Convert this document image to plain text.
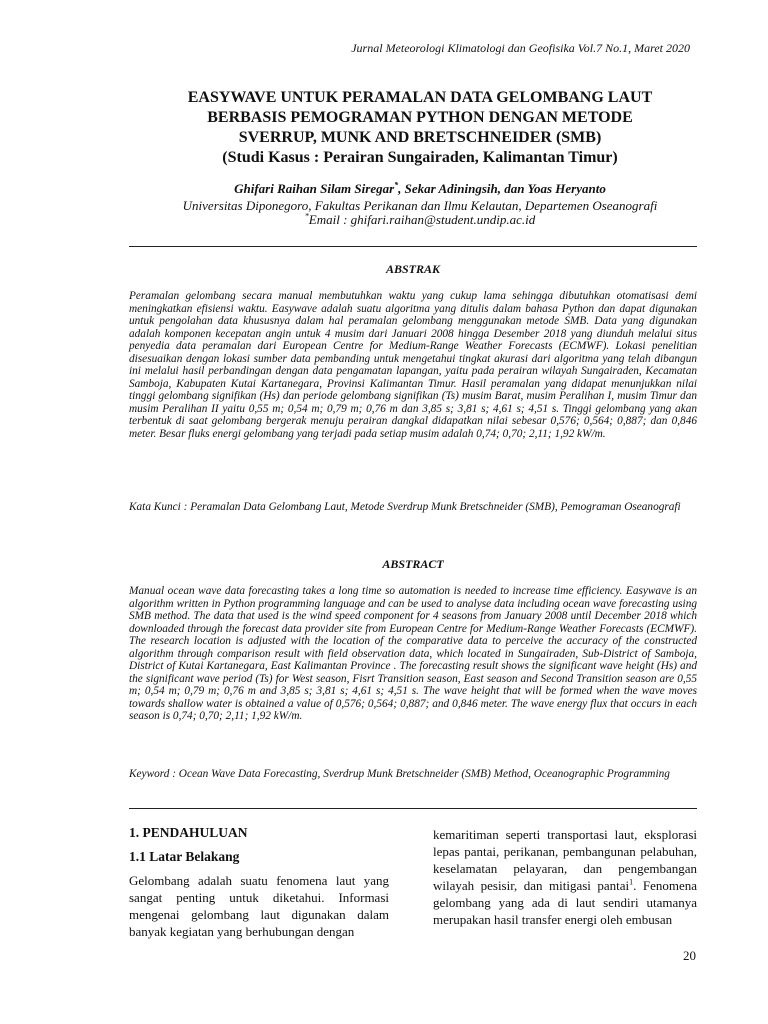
Jurnal Meteorologi Klimatologi dan Geofisika Vol.7 No.1, Maret 2020
EASYWAVE UNTUK PERAMALAN DATA GELOMBANG LAUT
BERBASIS PEMOGRAMAN PYTHON DENGAN METODE
SVERRUP, MUNK AND BRETSCHNEIDER (SMB)
(Studi Kasus : Perairan Sungairaden, Kalimantan Timur)
Ghifari Raihan Silam Siregar*, Sekar Adiningsih, dan Yoas Heryanto
Universitas Diponegoro, Fakultas Perikanan dan Ilmu Kelautan, Departemen Oseanografi
*Email : ghifari.raihan@student.undip.ac.id
ABSTRAK
Peramalan gelombang secara manual membutuhkan waktu yang cukup lama sehingga dibutuhkan otomatisasi demi meningkatkan efisiensi waktu. Easywave adalah suatu algoritma yang ditulis dalam bahasa Python dan dapat digunakan untuk pengolahan data khususnya dalam hal peramalan gelombang menggunakan metode SMB. Data yang digunakan adalah komponen kecepatan angin untuk 4 musim dari Januari 2008 hingga Desember 2018 yang diunduh melalui situs penyedia data peramalan dari European Centre for Medium-Range Weather Forecasts (ECMWF). Lokasi penelitian disesuaikan dengan lokasi sumber data pembanding untuk mengetahui tingkat akurasi dari algoritma yang telah dibangun ini melalui hasil perbandingan dengan data pengamatan lapangan, yaitu pada perairan wilayah Sungairaden, Kecamatan Samboja, Kabupaten Kutai Kartanegara, Provinsi Kalimantan Timur. Hasil peramalan yang didapat menunjukkan nilai tinggi gelombang signifikan (Hs) dan periode gelombang signifikan (Ts) musim Barat, musim Peralihan I, musim Timur dan musim Peralihan II yaitu 0,55 m; 0,54 m; 0,79 m; 0,76 m dan 3,85 s; 3,81 s; 4,61 s; 4,51 s. Tinggi gelombang yang akan terbentuk di saat gelombang bergerak menuju perairan dangkal didapatkan nilai sebesar 0,576; 0,564; 0,887; dan 0,846 meter. Besar fluks energi gelombang yang terjadi pada setiap musim adalah 0,74; 0,70; 2,11; 1,92 kW/m.
Kata Kunci : Peramalan Data Gelombang Laut, Metode Sverdrup Munk Bretschneider (SMB), Pemograman Oseanografi
ABSTRACT
Manual ocean wave data forecasting takes a long time so automation is needed to increase time efficiency. Easywave is an algorithm written in Python programming language and can be used to analyse data including ocean wave forecasting using SMB method. The data that used is the wind speed component for 4 seasons from January 2008 until December 2018 which downloaded through the forecast data provider site from European Centre for Medium-Range Weather Forecasts (ECMWF). The research location is adjusted with the location of the comparative data to perceive the accuracy of the constructed algorithm through comparison result with field observation data, which located in Sungairaden, Sub-District of Samboja, District of Kutai Kartanegara, East Kalimantan Province . The forecasting result shows the significant wave height (Hs) and the significant wave period (Ts) for West season, Fisrt Transition season, East season and Second Transition season are 0,55 m; 0,54 m; 0,79 m; 0,76 m and 3,85 s; 3,81 s; 4,61 s; 4,51 s. The wave height that will be formed when the wave moves towards shallow water is obtained a value of 0,576; 0,564; 0,887; and 0,846 meter. The wave energy flux that occurs in each season is 0,74; 0,70; 2,11; 1,92 kW/m.
Keyword : Ocean Wave Data Forecasting, Sverdrup Munk Bretschneider (SMB) Method, Oceanographic Programming
1. PENDAHULUAN
1.1 Latar Belakang

Gelombang adalah suatu fenomena laut yang sangat penting untuk diketahui. Informasi mengenai gelombang laut digunakan dalam banyak kegiatan yang berhubungan dengan

kemaritiman seperti transportasi laut, eksplorasi lepas pantai, perikanan, pembangunan pelabuhan, keselamatan pelayaran, dan pengembangan wilayah pesisir, dan mitigasi pantai$^1$. Fenomena gelombang yang ada di laut sendiri utamanya merupakan hasil transfer energi oleh embusan

20
